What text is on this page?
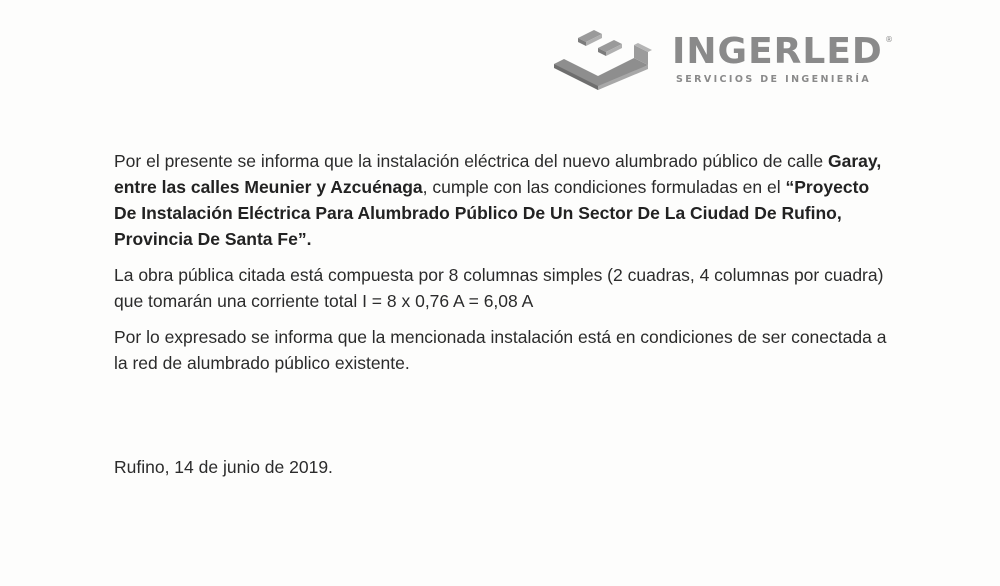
INGERLED ®
SERVICIOS DE INGENIERÍA

Por el presente se informa que la instalación eléctrica del nuevo alumbrado público de calle Garay, entre las calles Meunier y Azcuénaga, cumple con las condiciones formuladas en el “Proyecto De Instalación Eléctrica Para Alumbrado Público De Un Sector De La Ciudad De Rufino, Provincia De Santa Fe”.

La obra pública citada está compuesta por 8 columnas simples (2 cuadras, 4 columnas por cuadra) que tomarán una corriente total I = 8 x 0,76 A = 6,08 A

Por lo expresado se informa que la mencionada instalación está en condiciones de ser conectada a la red de alumbrado público existente.

Rufino, 14 de junio de 2019.
